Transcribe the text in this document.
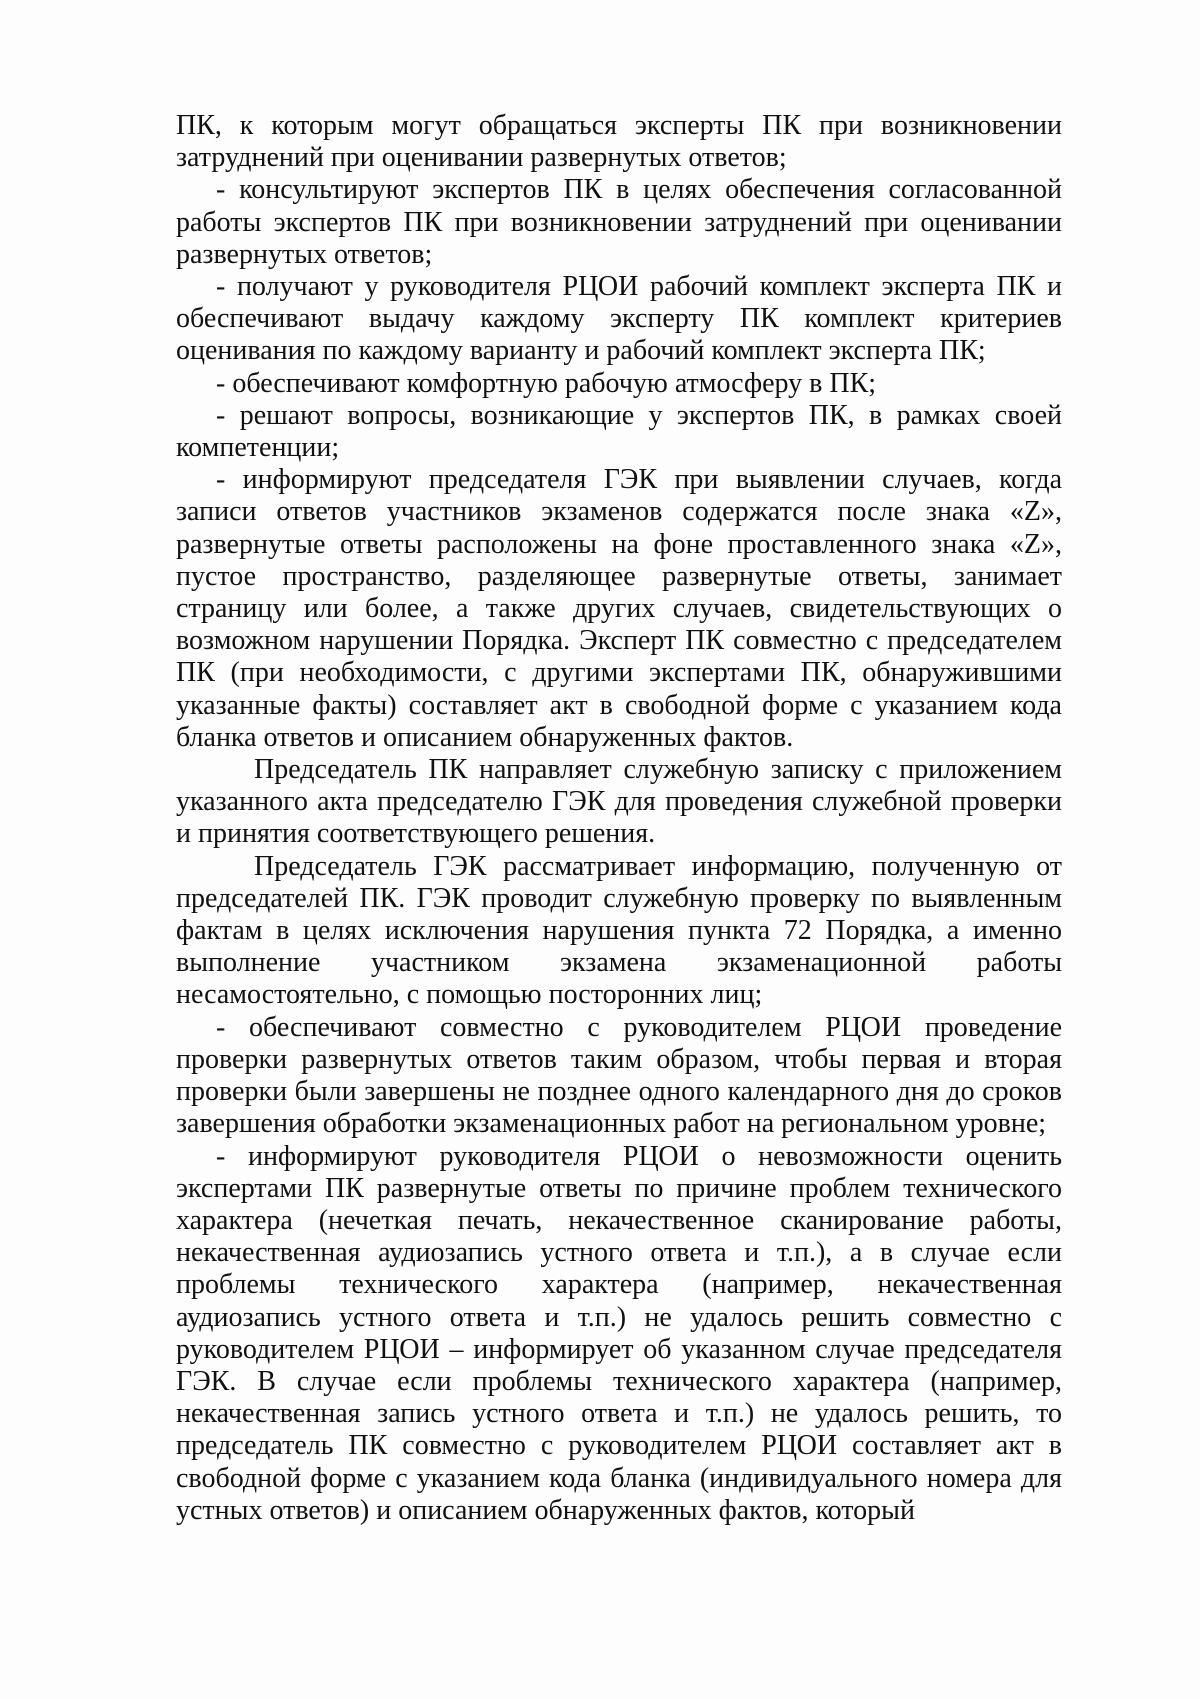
ПК, к которым могут обращаться эксперты ПК при возникновении затруднений при оценивании развернутых ответов;

- консультируют экспертов ПК в целях обеспечения согласованной работы экспертов ПК при возникновении затруднений при оценивании развернутых ответов;

- получают у руководителя РЦОИ рабочий комплект эксперта ПК и обеспечивают выдачу каждому эксперту ПК комплект критериев оценивания по каждому варианту и рабочий комплект эксперта ПК;

- обеспечивают комфортную рабочую атмосферу в ПК;

- решают вопросы, возникающие у экспертов ПК, в рамках своей компетенции;

- информируют председателя ГЭК при выявлении случаев, когда записи ответов участников экзаменов содержатся после знака «Z», развернутые ответы расположены на фоне проставленного знака «Z», пустое пространство, разделяющее развернутые ответы, занимает страницу или более, а также других случаев, свидетельствующих о возможном нарушении Порядка. Эксперт ПК совместно с председателем ПК (при необходимости, с другими экспертами ПК, обнаружившими указанные факты) составляет акт в свободной форме с указанием кода бланка ответов и описанием обнаруженных фактов.

Председатель ПК направляет служебную записку с приложением указанного акта председателю ГЭК для проведения служебной проверки и принятия соответствующего решения.

Председатель ГЭК рассматривает информацию, полученную от председателей ПК. ГЭК проводит служебную проверку по выявленным фактам в целях исключения нарушения пункта 72 Порядка, а именно выполнение участником экзамена экзаменационной работы несамостоятельно, с помощью посторонних лиц;

- обеспечивают совместно с руководителем РЦОИ проведение проверки развернутых ответов таким образом, чтобы первая и вторая проверки были завершены не позднее одного календарного дня до сроков завершения обработки экзаменационных работ на региональном уровне;

- информируют руководителя РЦОИ о невозможности оценить экспертами ПК развернутые ответы по причине проблем технического характера (нечеткая печать, некачественное сканирование работы, некачественная аудиозапись устного ответа и т.п.), а в случае если проблемы технического характера (например, некачественная аудиозапись устного ответа и т.п.) не удалось решить совместно с руководителем РЦОИ – информирует об указанном случае председателя ГЭК. В случае если проблемы технического характера (например, некачественная запись устного ответа и т.п.) не удалось решить, то председатель ПК совместно с руководителем РЦОИ составляет акт в свободной форме с указанием кода бланка (индивидуального номера для устных ответов) и описанием обнаруженных фактов, который
